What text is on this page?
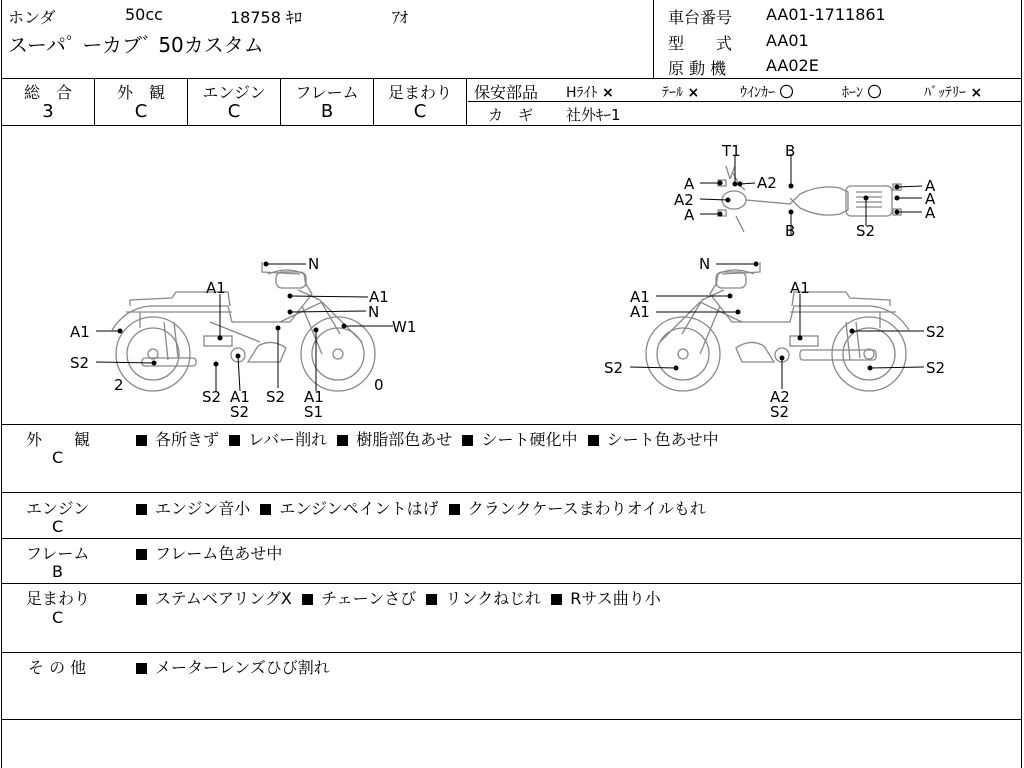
ホンダ	50cc	18758 ｷﾛ	ｱｵ
スーパﾟ ーカブﾞ 50カスタム
車台番号 AA01-1711861
型　　式 AA01
原 動 機 AA02E
総　合
3
外　観
C
エンジン
C
フレーム
B
足まわり
C
保安部品 Hﾗｲﾄ ×	ﾃｰﾙ ×	ｳｲﾝｶｰ 〇	ﾎｰﾝ 〇	ﾊﾞｯﾃﾘｰ ×
カ　ギ 社外ｷｰ1
T1	B
A	A2
A2
A
B	S2
A
A
A
N
A1	A1
N
A1	W1
S2
2
S2 A1
S2
S2 A1
S1
0
N
A1
A1
A1
S2
S2	S2
A2
S2
外　　観
C
各所きず レバー削れ 樹脂部色あせ シート硬化中 シート色あせ中
エンジン
C
エンジン音小 エンジンペイントはげ クランクケースまわりオイルもれ
フレーム
B
フレーム色あせ中
足まわり
C
ステムベアリングX チェーンさび リンクねじれ Rサス曲り小
そ の 他	メーターレンズひび割れ
